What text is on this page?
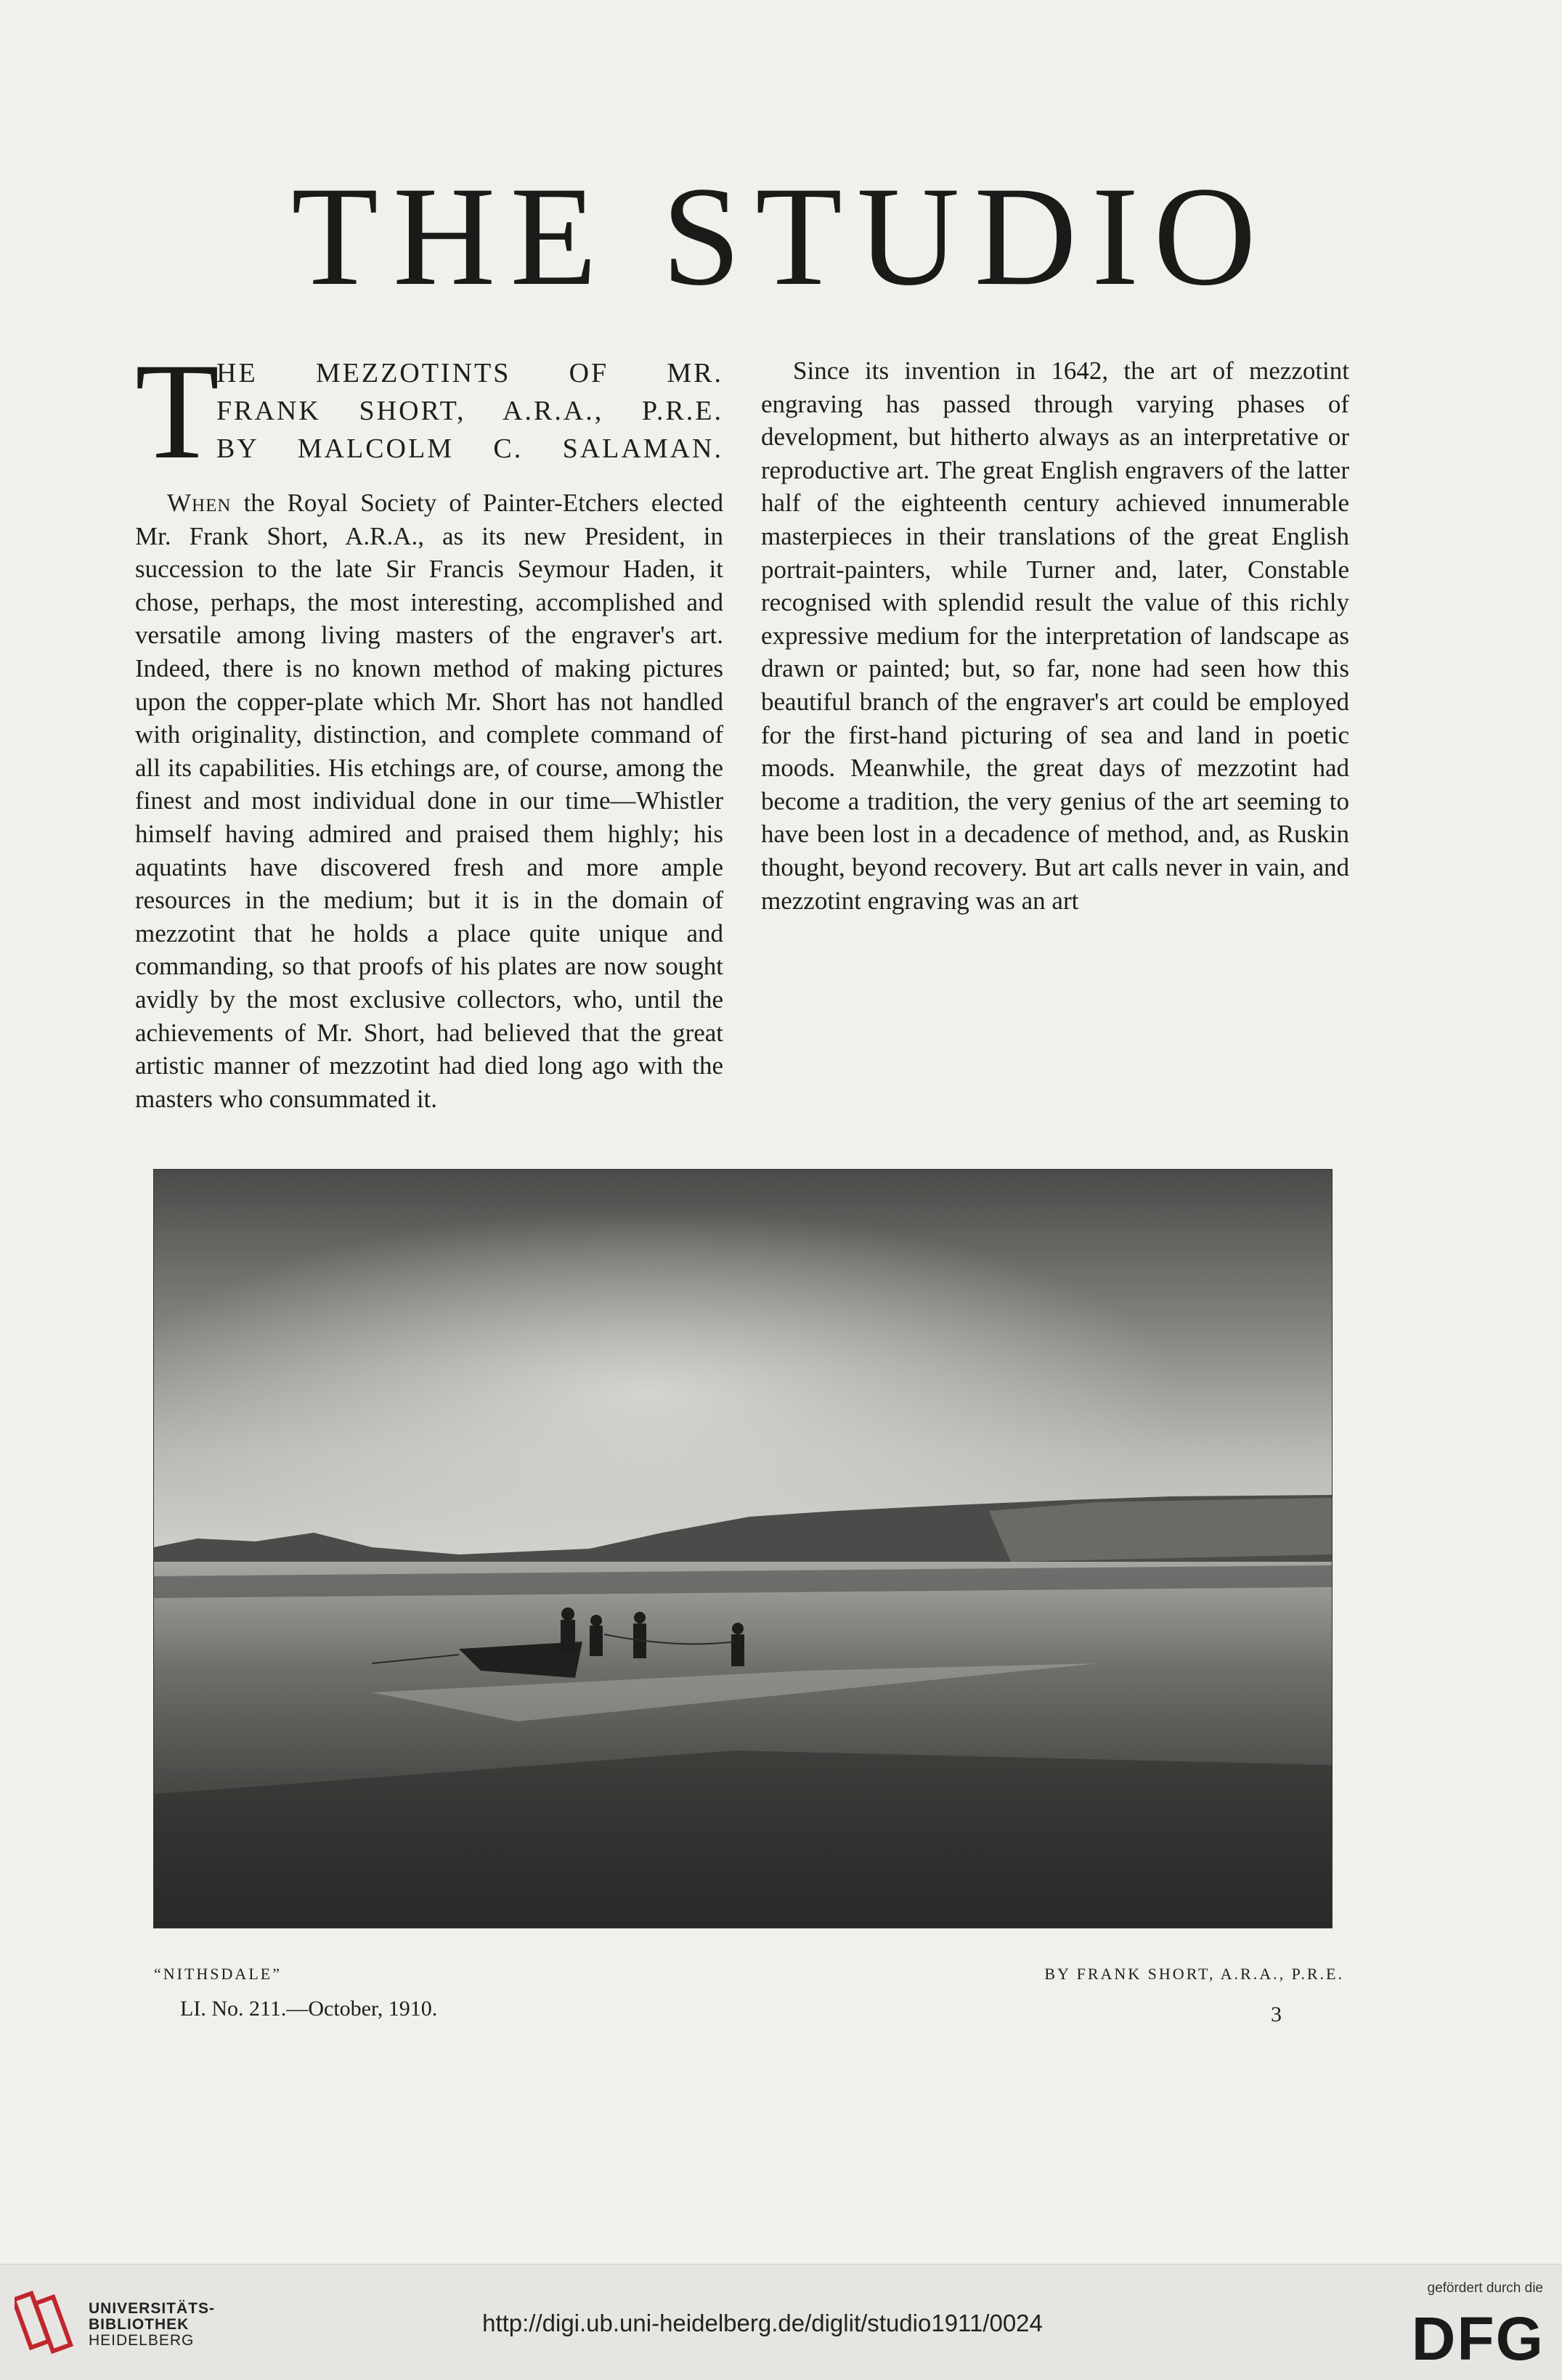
THE STUDIO
T
HE MEZZOTINTS OF MR.
FRANK SHORT, A.R.A., P.R.E.
BY MALCOLM C. SALAMAN.

When the Royal Society of Painter-Etchers elected Mr. Frank Short, A.R.A., as its new President, in succession to the late Sir Francis Seymour Haden, it chose, perhaps, the most interesting, accomplished and versatile among living masters of the engraver's art. Indeed, there is no known method of making pictures upon the copper-plate which Mr. Short has not handled with originality, distinction, and complete command of all its capabilities. His etchings are, of course, among the finest and most individual done in our time—Whistler himself having admired and praised them highly; his aquatints have discovered fresh and more ample resources in the medium; but it is in the domain of mezzotint that he holds a place quite unique and commanding, so that proofs of his plates are now sought avidly by the most exclusive collectors, who, until the achievements of Mr. Short, had believed that the great artistic manner of mezzotint had died long ago with the masters who consummated it.

Since its invention in 1642, the art of mezzotint engraving has passed through varying phases of development, but hitherto always as an interpretative or reproductive art. The great English engravers of the latter half of the eighteenth century achieved innumerable masterpieces in their translations of the great English portrait-painters, while Turner and, later, Constable recognised with splendid result the value of this richly expressive medium for the interpretation of landscape as drawn or painted; but, so far, none had seen how this beautiful branch of the engraver's art could be employed for the first-hand picturing of sea and land in poetic moods. Meanwhile, the great days of mezzotint had become a tradition, the very genius of the art seeming to have been lost in a decadence of method, and, as Ruskin thought, beyond recovery. But art calls never in vain, and mezzotint engraving was an art

“NITHSDALE”	BY FRANK SHORT, A.R.A., P.R.E.
LI. No. 211.—October, 1910.	3
UNIVERSITÄTS-
BIBLIOTHEK
HEIDELBERG
http://digi.ub.uni-heidelberg.de/diglit/studio1911/0024
gefördert durch die
DFG
